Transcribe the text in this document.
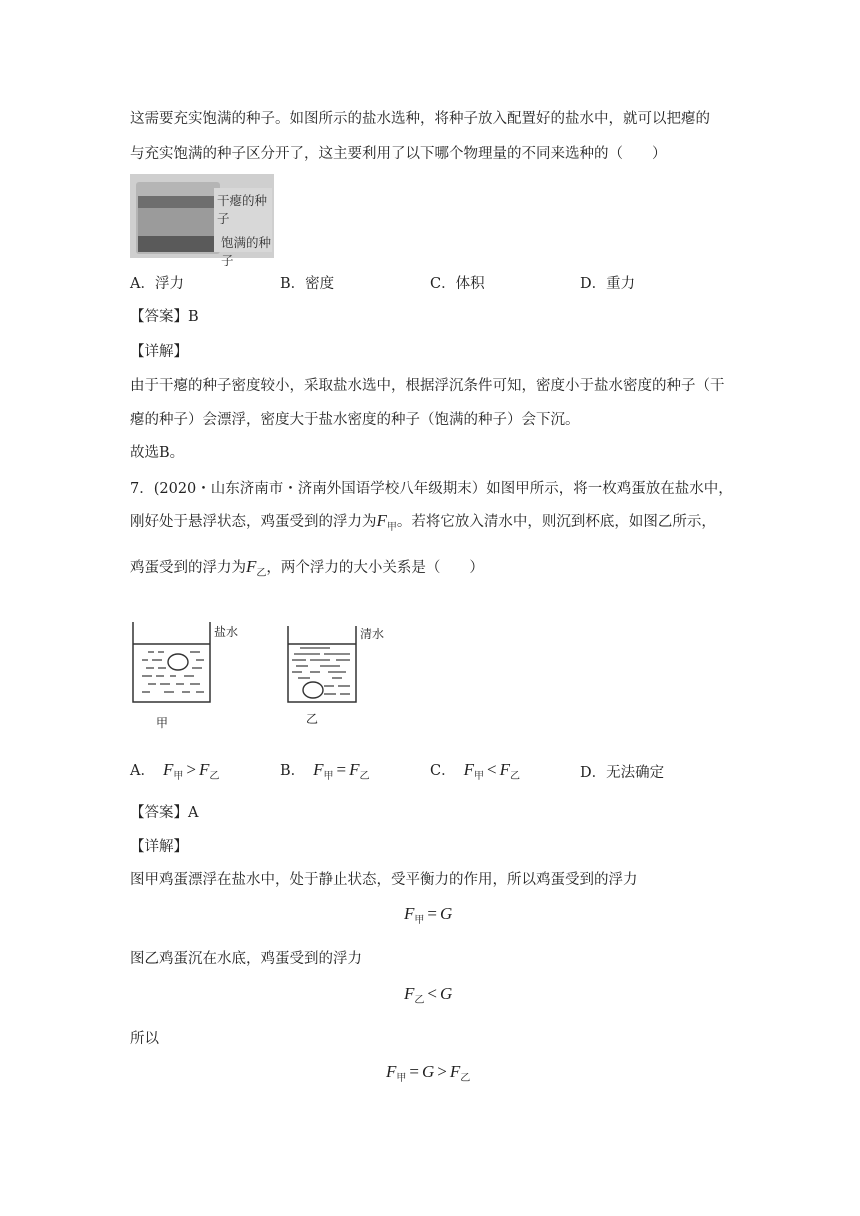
这需要充实饱满的种子。如图所示的盐水选种，将种子放入配置好的盐水中，就可以把瘪的
与充实饱满的种子区分开了，这主要利用了以下哪个物理量的不同来选种的（　　）
干瘪的种子
饱满的种子
A．浮力	B．密度	C．体积	D．重力
【答案】B
【详解】
由于干瘪的种子密度较小，采取盐水选中，根据浮沉条件可知，密度小于盐水密度的种子（干
瘪的种子）会漂浮，密度大于盐水密度的种子（饱满的种子）会下沉。
故选B。
7．(2020・山东济南市・济南外国语学校八年级期末）如图甲所示，将一枚鸡蛋放在盐水中，
刚好处于悬浮状态，鸡蛋受到的浮力为$F_甲$。若将它放入清水中，则沉到杯底，如图乙所示，
鸡蛋受到的浮力为$F_乙$，两个浮力的大小关系是（　　）
盐水	清水
甲	乙
A． $F_甲 > F_乙$	B． $F_甲 = F_乙$	C． $F_甲 < F_乙$	D．无法确定
【答案】A
【详解】
图甲鸡蛋漂浮在盐水中，处于静止状态，受平衡力的作用，所以鸡蛋受到的浮力
$F_甲 = G$
图乙鸡蛋沉在水底，鸡蛋受到的浮力
$F_乙 < G$
所以
$F_甲 = G > F_乙$
